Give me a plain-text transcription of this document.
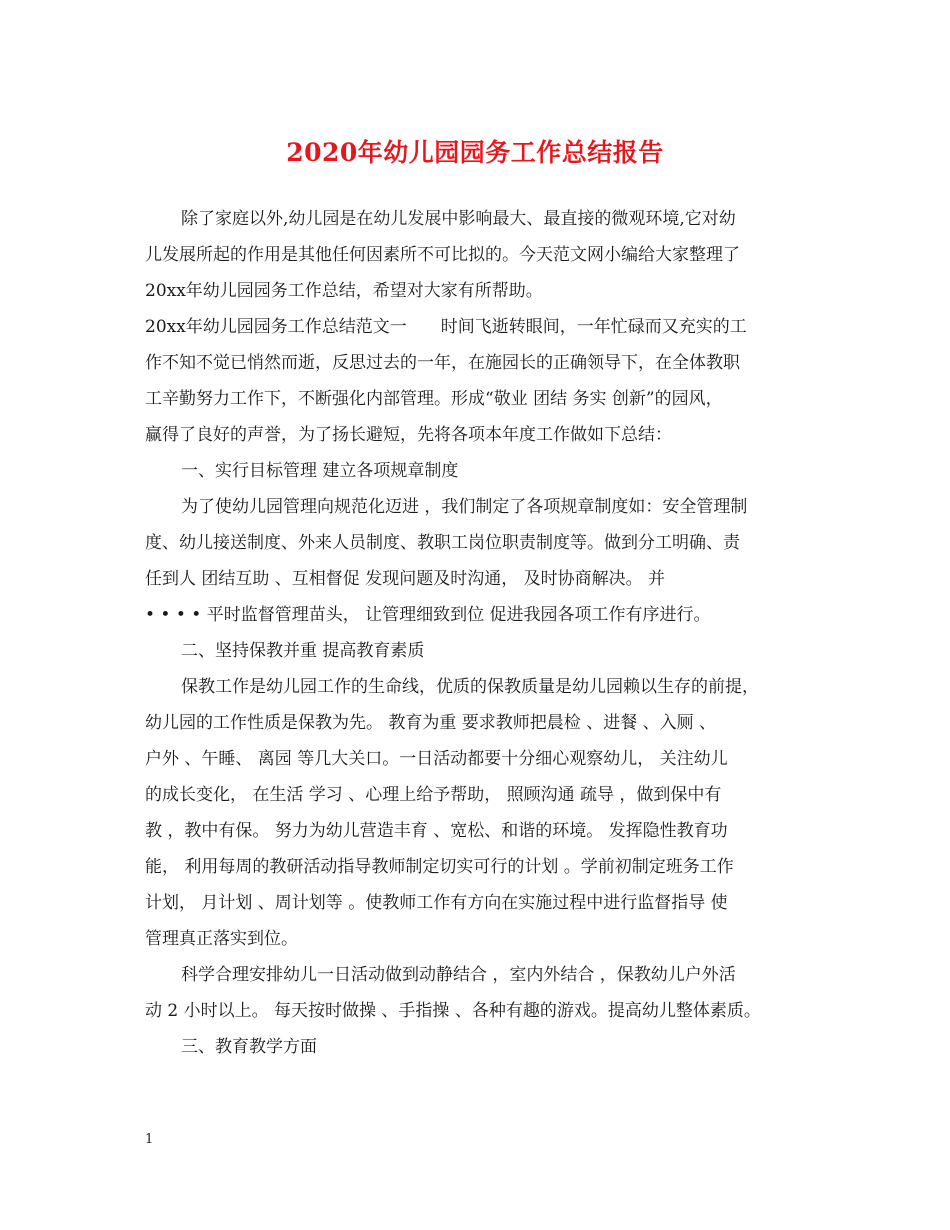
2020年幼儿园园务工作总结报告
除了家庭以外,幼儿园是在幼儿发展中影响最大、最直接的微观环境,它对幼
儿发展所起的作用是其他任何因素所不可比拟的。今天范文网小编给大家整理了
20xx年幼儿园园务工作总结，希望对大家有所帮助。
20xx年幼儿园园务工作总结范文一　　时间飞逝转眼间，一年忙碌而又充实的工
作不知不觉已悄然而逝，反思过去的一年，在施园长的正确领导下，在全体教职
工辛勤努力工作下，不断强化内部管理。形成“敬业 团结 务实 创新”的园风，
赢得了良好的声誉，为了扬长避短，先将各项本年度工作做如下总结：
一、实行目标管理 建立各项规章制度
为了使幼儿园管理向规范化迈进 ，我们制定了各项规章制度如：安全管理制
度、幼儿接送制度、外来人员制度、教职工岗位职责制度等。做到分工明确、责
任到人 团结互助 、互相督促 发现问题及时沟通， 及时协商解决。 并
• • • • 平时监督管理苗头， 让管理细致到位 促进我园各项工作有序进行。
二、坚持保教并重 提高教育素质
保教工作是幼儿园工作的生命线，优质的保教质量是幼儿园赖以生存的前提，
幼儿园的工作性质是保教为先。 教育为重 要求教师把晨检 、进餐 、入厕 、
户外 、午睡、 离园 等几大关口。一日活动都要十分细心观察幼儿， 关注幼儿
的成长变化， 在生活 学习 、心理上给予帮助， 照顾沟通 疏导 ，做到保中有
教 ，教中有保。 努力为幼儿营造丰育 、宽松、和谐的环境。 发挥隐性教育功
能， 利用每周的教研活动指导教师制定切实可行的计划 。学前初制定班务工作
计划， 月计划 、周计划等 。使教师工作有方向在实施过程中进行监督指导 使
管理真正落实到位。
科学合理安排幼儿一日活动做到动静结合 ，室内外结合 ，保教幼儿户外活
动 2 小时以上。 每天按时做操 、手指操 、各种有趣的游戏。提高幼儿整体素质。
三、教育教学方面
1
